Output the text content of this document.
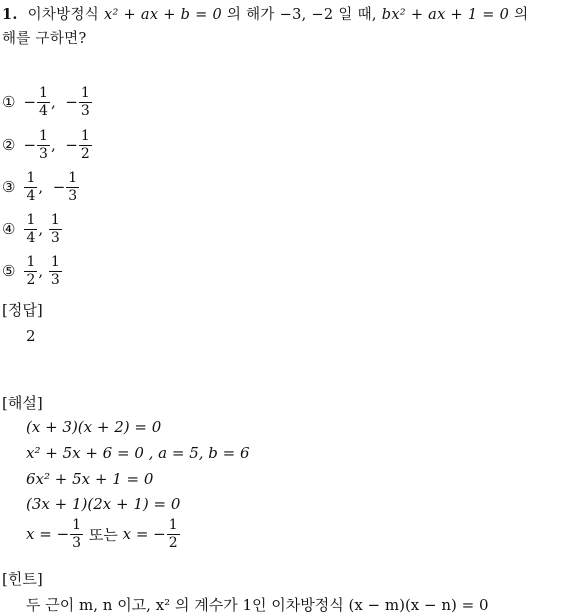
1. 이차방정식 x² + ax + b = 0 의 해가 −3, −2 일 때, bx² + ax + 1 = 0 의
해를 구하면?
① − $\frac{1}{4}$ , − $\frac{1}{3}$
② − $\frac{1}{3}$ , − $\frac{1}{2}$
③ $\frac{1}{4}$ , − $\frac{1}{3}$
④ $\frac{1}{4}$ , $\frac{1}{3}$
⑤ $\frac{1}{2}$ , $\frac{1}{3}$
[정답]
2
[해설]
(x + 3)(x + 2) = 0
x² + 5x + 6 = 0 , a = 5, b = 6
6x² + 5x + 1 = 0
(3x + 1)(2x + 1) = 0
x = − $\frac{1}{3}$
또는
x = − $\frac{1}{2}$
[힌트]
두 근이 m, n 이고, x² 의 계수가 1인 이차방정식 (x − m)(x − n) = 0
